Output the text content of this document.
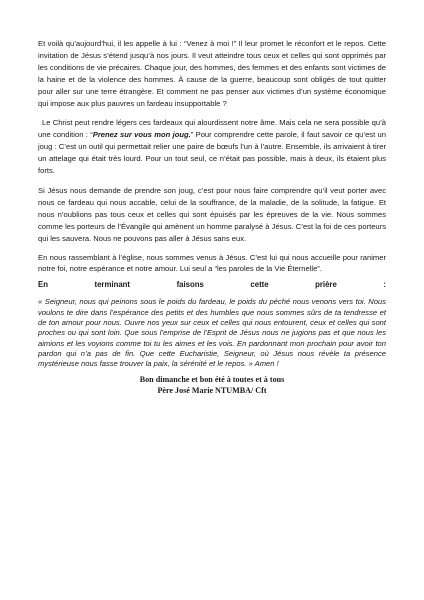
Et voilà qu’aujourd’hui, il les appelle à lui : “Venez à moi !” Il leur promet le réconfort et le repos. Cette invitation de Jésus s’étend jusqu’à nos jours. Il veut atteindre tous ceux et celles qui sont opprimés par les conditions de vie précaires. Chaque jour, des hommes, des femmes et des enfants sont victimes de la haine et de la violence des hommes. À cause de la guerre, beaucoup sont obligés de tout quitter pour aller sur une terre étrangère. Et comment ne pas penser aux victimes d’un système économique qui impose aux plus pauvres un fardeau insupportable ?

Le Christ peut rendre légers ces fardeaux qui alourdissent notre âme. Mais cela ne sera possible qu’à une condition : “Prenez sur vous mon joug.” Pour comprendre cette parole, il faut savoir ce qu’est un joug : C’est un outil qui permettait relier une paire de bœufs l’un à l’autre. Ensemble, ils arrivaient à tirer un attelage qui était très lourd. Pour un tout seul, ce n’était pas possible, mais à deux, ils étaient plus forts.

Si Jésus nous demande de prendre son joug, c’est pour nous faire comprendre qu’il veut porter avec nous ce fardeau qui nous accable, celui de la souffrance, de la maladie, de la solitude, la fatigue. Et nous n’oublions pas tous ceux et celles qui sont épuisés par les épreuves de la vie. Nous sommes comme les porteurs de l’Évangile qui amènent un homme paralysé à Jésus. C’est la foi de ces porteurs qui les sauvera. Nous ne pouvons pas aller à Jésus sans eux.

En nous rassemblant à l’église, nous sommes venus à Jésus. C’est lui qui nous accueille pour ranimer notre foi, notre espérance et notre amour. Lui seul a “les paroles de la Vie Éternelle”.

En	terminant	faisons	cette	prière	:

« Seigneur, nous qui peinons sous le poids du fardeau, le poids du péché nous venons vers toi. Nous voulons te dire dans l’espérance des petits et des humbles que nous sommes sûrs de ta tendresse et de ton amour pour nous. Ouvre nos yeux sur ceux et celles qui nous entourent, ceux et celles qui sont proches ou qui sont loin. Que sous l’emprise de l’Esprit de Jésus nous ne jugions pas et que nous les aimions et les voyions comme toi tu les aimes et les vois. En pardonnant mon prochain pour avoir ton pardon qui n’a pas de fin. Que cette Eucharistie, Seigneur, où Jésus nous révèle ta présence mystérieuse nous fasse trouver la paix, la sérénité et le repos. » Amen !

Bon dimanche et bon été à toutes et à tous
Père José Marie NTUMBA/ Cft
